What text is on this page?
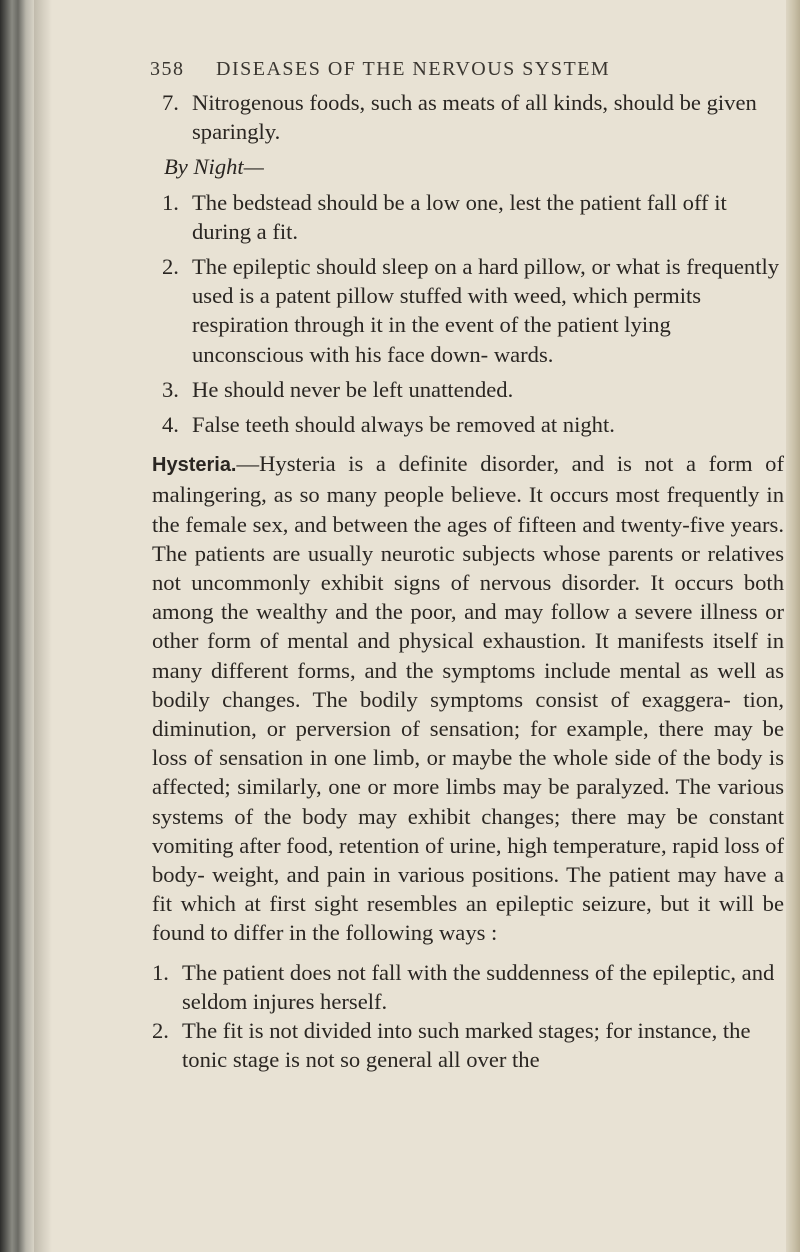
358 DISEASES OF THE NERVOUS SYSTEM
7. Nitrogenous foods, such as meats of all kinds, should be given sparingly.
By Night—
1. The bedstead should be a low one, lest the patient fall off it during a fit.
2. The epileptic should sleep on a hard pillow, or what is frequently used is a patent pillow stuffed with weed, which permits respiration through it in the event of the patient lying unconscious with his face down- wards.
3. He should never be left unattended.
4. False teeth should always be removed at night.

Hysteria.—Hysteria is a definite disorder, and is not a form of malingering, as so many people believe. It occurs most frequently in the female sex, and between the ages of fifteen and twenty-five years. The patients are usually neurotic subjects whose parents or relatives not uncommonly exhibit signs of nervous disorder. It occurs both among the wealthy and the poor, and may follow a severe illness or other form of mental and physical exhaustion. It manifests itself in many different forms, and the symptoms include mental as well as bodily changes. The bodily symptoms consist of exaggera- tion, diminution, or perversion of sensation; for example, there may be loss of sensation in one limb, or maybe the whole side of the body is affected; similarly, one or more limbs may be paralyzed. The various systems of the body may exhibit changes; there may be constant vomiting after food, retention of urine, high temperature, rapid loss of body- weight, and pain in various positions. The patient may have a fit which at first sight resembles an epileptic seizure, but it will be found to differ in the following ways :

1. The patient does not fall with the suddenness of the epileptic, and seldom injures herself.
2. The fit is not divided into such marked stages; for instance, the tonic stage is not so general all over the
